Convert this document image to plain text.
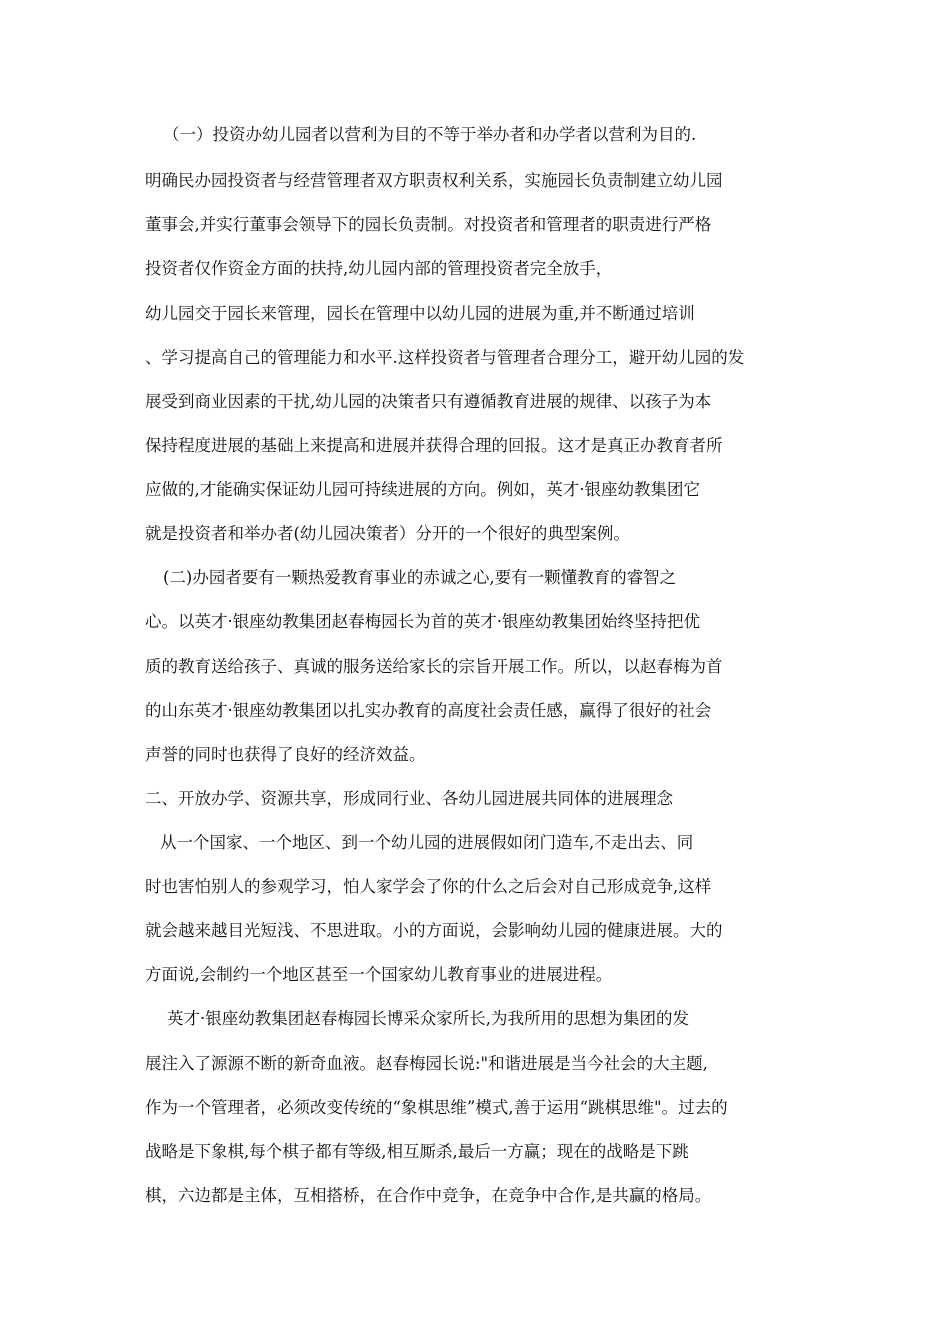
（一）投资办幼儿园者以营利为目的不等于举办者和办学者以营利为目的.

明确民办园投资者与经营管理者双方职责权利关系，实施园长负责制建立幼儿园

董事会,并实行董事会领导下的园长负责制。对投资者和管理者的职责进行严格

投资者仅作资金方面的扶持,幼儿园内部的管理投资者完全放手，

幼儿园交于园长来管理，园长在管理中以幼儿园的进展为重,并不断通过培训

、学习提高自己的管理能力和水平.这样投资者与管理者合理分工，避开幼儿园的发

展受到商业因素的干扰,幼儿园的决策者只有遵循教育进展的规律、以孩子为本

保持程度进展的基础上来提高和进展并获得合理的回报。这才是真正办教育者所

应做的,才能确实保证幼儿园可持续进展的方向。例如，英才·银座幼教集团它

就是投资者和举办者(幼儿园决策者）分开的一个很好的典型案例。

(二)办园者要有一颗热爱教育事业的赤诚之心,要有一颗懂教育的睿智之

心。以英才·银座幼教集团赵春梅园长为首的英才·银座幼教集团始终坚持把优

质的教育送给孩子、真诚的服务送给家长的宗旨开展工作。所以，以赵春梅为首

的山东英才·银座幼教集团以扎实办教育的高度社会责任感，赢得了很好的社会

声誉的同时也获得了良好的经济效益。

二、开放办学、资源共享，形成同行业、各幼儿园进展共同体的进展理念

从一个国家、一个地区、到一个幼儿园的进展假如闭门造车,不走出去、同

时也害怕别人的参观学习，怕人家学会了你的什么之后会对自己形成竞争,这样

就会越来越目光短浅、不思进取。小的方面说，会影响幼儿园的健康进展。大的

方面说,会制约一个地区甚至一个国家幼儿教育事业的进展进程。

英才·银座幼教集团赵春梅园长博采众家所长,为我所用的思想为集团的发

展注入了源源不断的新奇血液。赵春梅园长说:"和谐进展是当今社会的大主题,

作为一个管理者，必须改变传统的“象棋思维”模式,善于运用“跳棋思维"。过去的

战略是下象棋,每个棋子都有等级,相互厮杀,最后一方赢；现在的战略是下跳

棋，六边都是主体，互相搭桥，在合作中竞争，在竞争中合作,是共赢的格局。
